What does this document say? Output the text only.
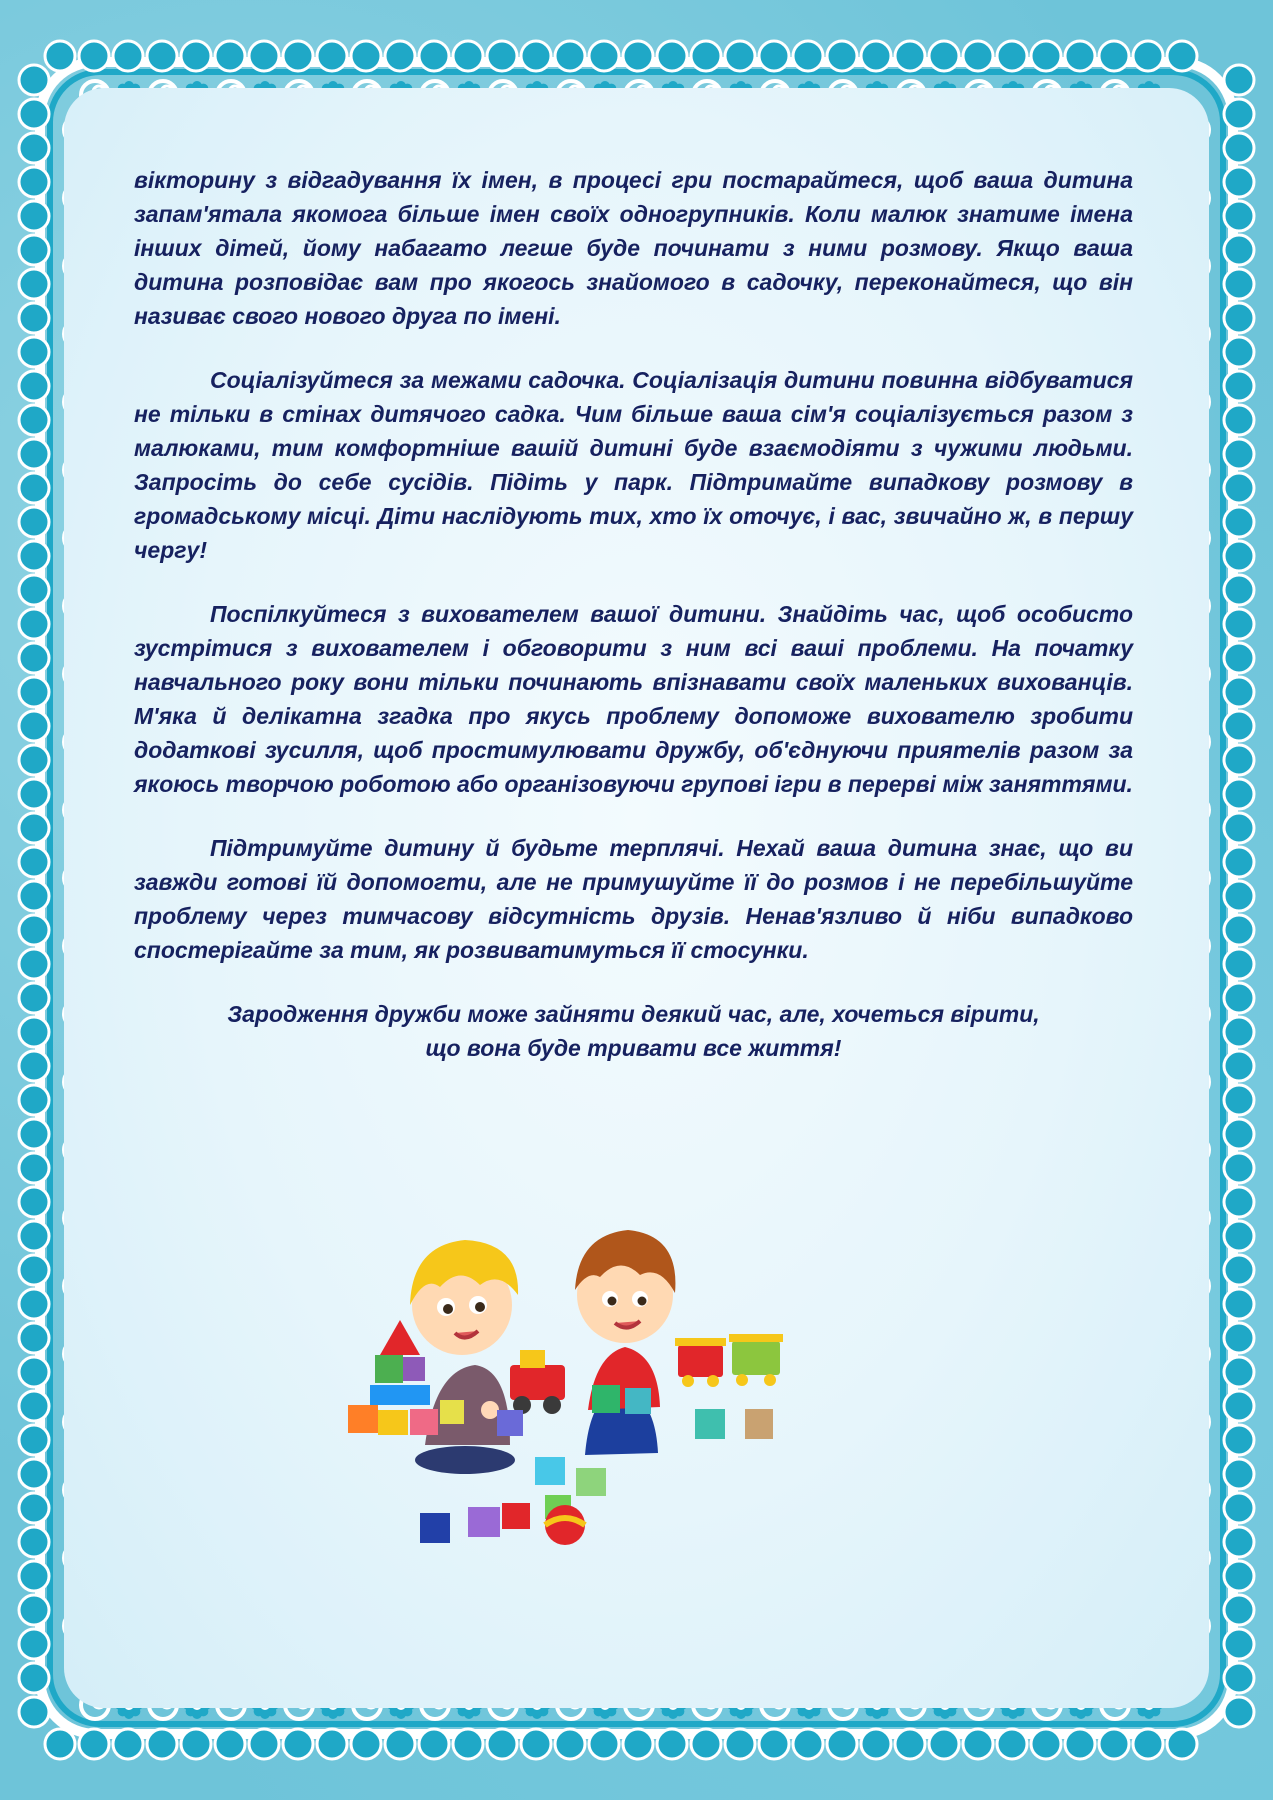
вікторину з відгадування їх імен, в процесі гри постарайтеся, щоб ваша дитина запам'ятала якомога більше імен своїх одногрупників. Коли малюк знатиме імена інших дітей, йому набагато легше буде починати з ними розмову. Якщо ваша дитина розповідає вам про якогось знайомого в садочку, переконайтеся, що він називає свого нового друга по імені.

Соціалізуйтеся за межами садочка. Соціалізація дитини повинна відбуватися не тільки в стінах дитячого садка. Чим більше ваша сім'я соціалізується разом з малюками, тим комфортніше вашій дитині буде взаємодіяти з чужими людьми. Запросіть до себе сусідів. Підіть у парк. Підтримайте випадкову розмову в громадському місці. Діти наслідують тих, хто їх оточує, і вас, звичайно ж, в першу чергу!

Поспілкуйтеся з вихователем вашої дитини. Знайдіть час, щоб особисто зустрітися з вихователем і обговорити з ним всі ваші проблеми. На початку навчального року вони тільки починають впізнавати своїх маленьких вихованців. М'яка й делікатна згадка про якусь проблему допоможе вихователю зробити додаткові зусилля, щоб простимулювати дружбу, об'єднуючи приятелів разом за якоюсь творчою роботою або організовуючи групові ігри в перерві між заняттями.

Підтримуйте дитину й будьте терплячі. Нехай ваша дитина знає, що ви завжди готові їй допомогти, але не примушуйте її до розмов і не перебільшуйте проблему через тимчасову відсутність друзів. Ненав'язливо й ніби випадково спостерігайте за тим, як розвиватимуться її стосунки.

Зародження дружби може зайняти деякий час, але, хочеться вірити,
що вона буде тривати все життя!
